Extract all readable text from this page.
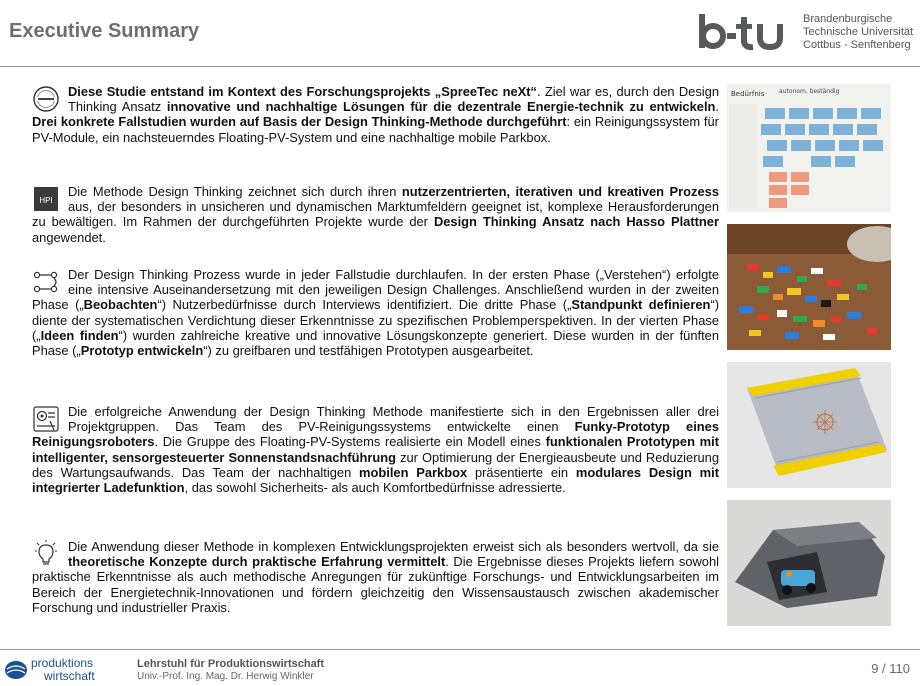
Executive Summary
Brandenburgische
Technische Universität
Cottbus - Senftenberg
Diese Studie entstand im Kontext des Forschungsprojekts „SpreeTec neXt“. Ziel war es, durch den Design Thinking Ansatz innovative und nachhaltige Lösungen für die dezentrale Energie-technik zu entwickeln. Drei konkrete Fallstudien wurden auf Basis der Design Thinking-Methode durchgeführt: ein Reinigungssystem für PV-Module, ein nachsteuerndes Floating-PV-System und eine nachhaltige mobile Parkbox.
HPI
Die Methode Design Thinking zeichnet sich durch ihren nutzerzentrierten, iterativen und kreativen Prozess aus, der besonders in unsicheren und dynamischen Marktumfeldern geeignet ist, komplexe Herausforderungen zu bewältigen. Im Rahmen der durchgeführten Projekte wurde der Design Thinking Ansatz nach Hasso Plattner angewendet.
Der Design Thinking Prozess wurde in jeder Fallstudie durchlaufen. In der ersten Phase („Verstehen“) erfolgte eine intensive Auseinandersetzung mit den jeweiligen Design Challenges. Anschließend wurden in der zweiten Phase („Beobachten“) Nutzerbedürfnisse durch Interviews identifiziert. Die dritte Phase („Standpunkt definieren“) diente der systematischen Verdichtung dieser Erkenntnisse zu spezifischen Problemperspektiven. In der vierten Phase („Ideen finden“) wurden zahlreiche kreative und innovative Lösungskonzepte generiert. Diese wurden in der fünften Phase („Prototyp entwickeln“) zu greifbaren und testfähigen Prototypen ausgearbeitet.
Die erfolgreiche Anwendung der Design Thinking Methode manifestierte sich in den Ergebnissen aller drei Projektgruppen. Das Team des PV-Reinigungssystems entwickelte einen Funky-Prototyp eines Reinigungsroboters. Die Gruppe des Floating-PV-Systems realisierte ein Modell eines funktionalen Prototypen mit intelligenter, sensorgesteuerter Sonnenstandsnachführung zur Optimierung der Energieausbeute und Reduzierung des Wartungsaufwands. Das Team der nachhaltigen mobilen Parkbox präsentierte ein modulares Design mit integrierter Ladefunktion, das sowohl Sicherheits- als auch Komfortbedürfnisse adressierte.
Die Anwendung dieser Methode in komplexen Entwicklungsprojekten erweist sich als besonders wertvoll, da sie theoretische Konzepte durch praktische Erfahrung vermittelt. Die Ergebnisse dieses Projekts liefern sowohl praktische Erkenntnisse als auch methodische Anregungen für zukünftige Forschungs- und Entwicklungsarbeiten im Bereich der Energietechnik-Innovationen und fördern gleichzeitig den Wissensaustausch zwischen akademischer Forschung und industrieller Praxis.
Bedürfnis autonom, beständig
produktions
wirtschaft
Lehrstuhl für Produktionswirtschaft
Univ.-Prof. Ing. Mag. Dr. Herwig Winkler
9 / 110
